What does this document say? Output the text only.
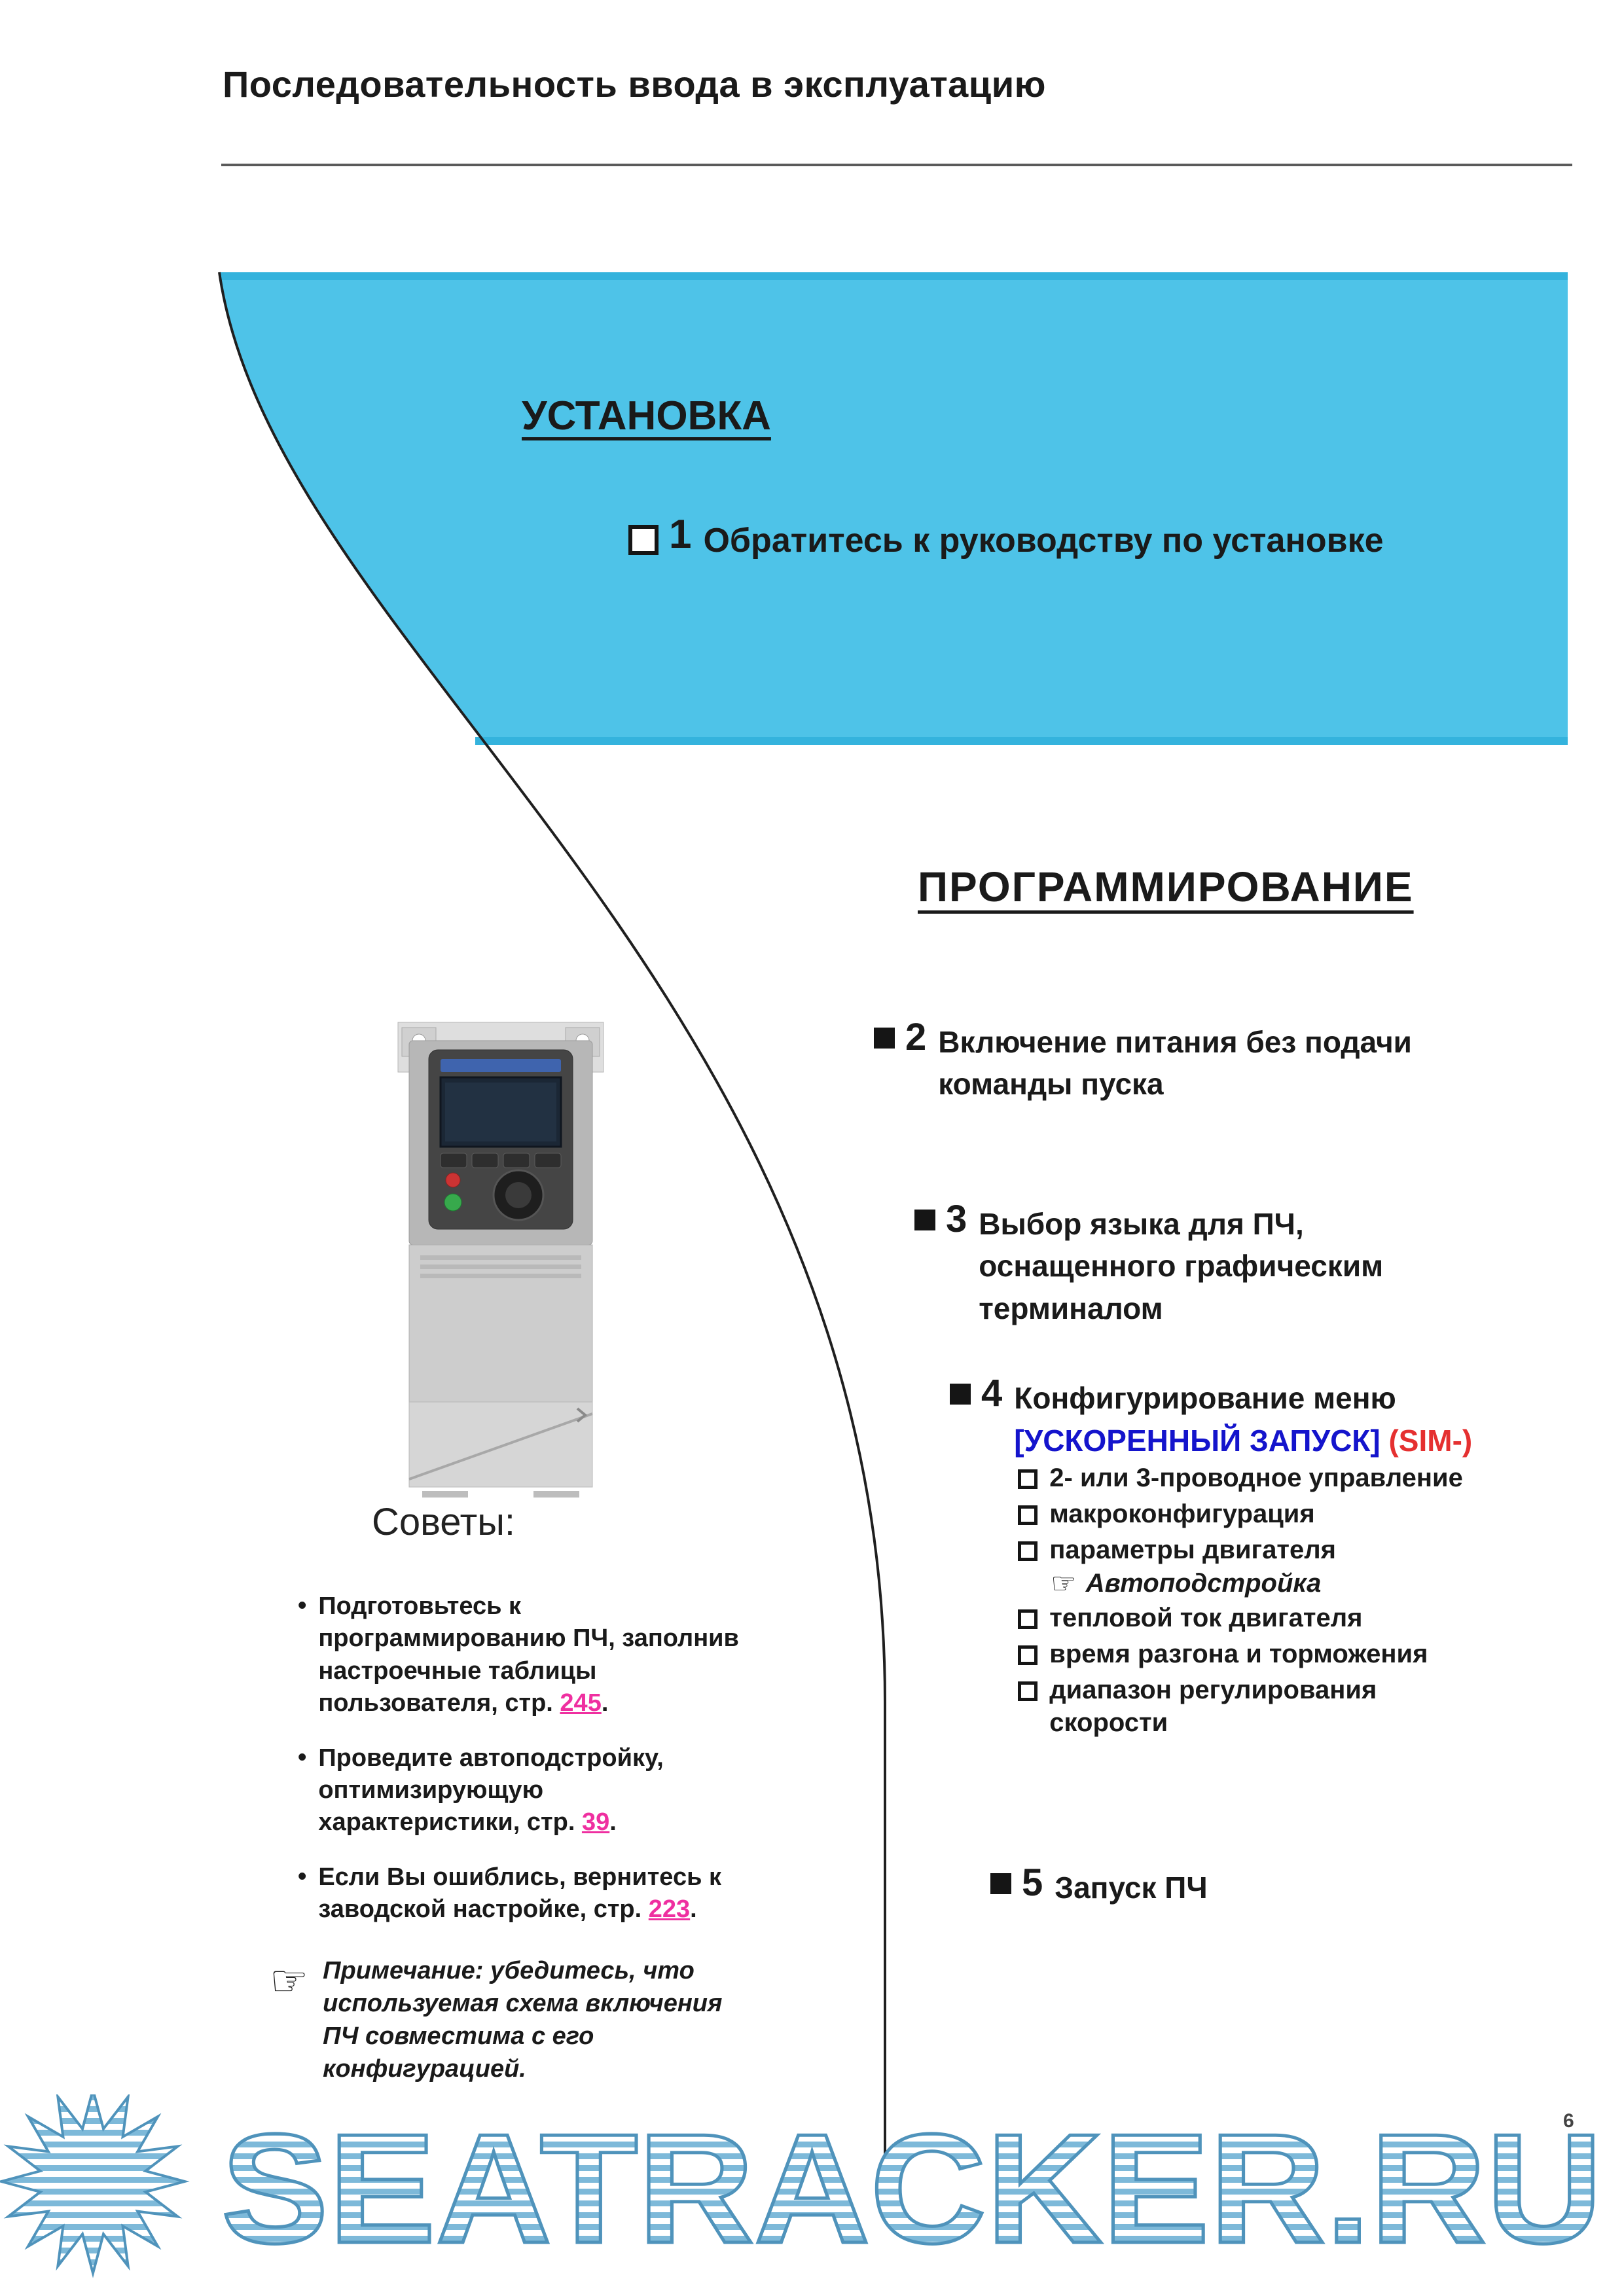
Последовательность ввода в эксплуатацию
УСТАНОВКА
1 Обратитесь к руководству по установке
ПРОГРАММИРОВАНИЕ
2 Включение питания без подачи
команды пуска
3 Выбор языка для ПЧ,
оснащенного графическим
терминалом
4 Конфигурирование меню
[УСКОРЕННЫЙ ЗАПУСК] (SIM-)
2- или 3-проводное управление
макроконфигурация
параметры двигателя
☞ Автоподстройка
тепловой ток двигателя
время разгона и торможения
диапазон регулирования
скорости
5 Запуск ПЧ
Советы:
•

Подготовьтесь к программированию ПЧ, заполнив настроечные таблицы пользователя, стр. 245.

•

Проведите автоподстройку, оптимизирующую характеристики, стр. 39.

•

Если Вы ошиблись, вернитесь к заводской настройке, стр. 223.

☞ Примечание: убедитесь, что используемая схема включения ПЧ совместима с его конфигурацией.

SEATRACKER.RU
6
